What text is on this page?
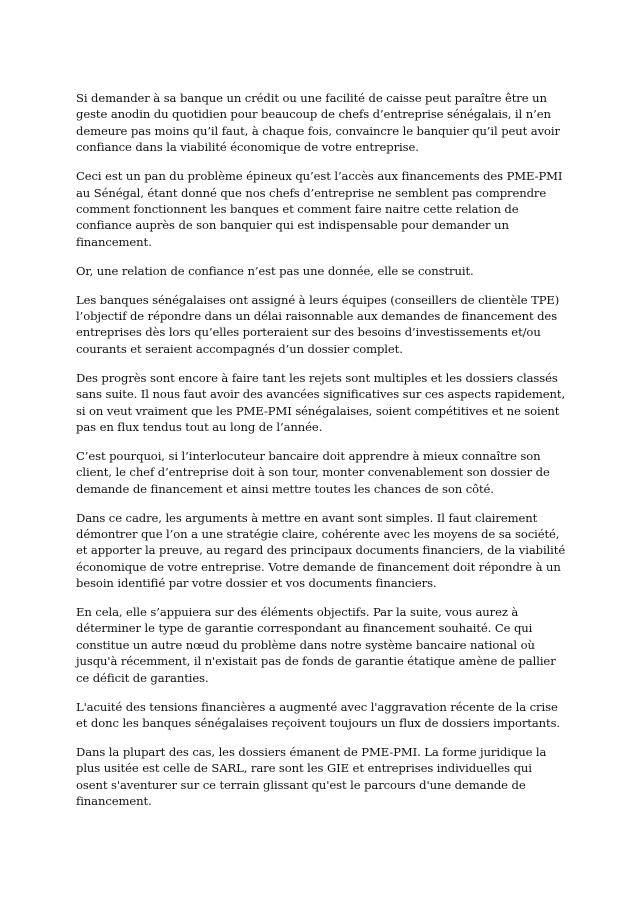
Si demander à sa banque un crédit ou une facilité de caisse peut paraître être un geste anodin du quotidien pour beaucoup de chefs d’entreprise sénégalais, il n’en demeure pas moins qu’il faut, à chaque fois, convaincre le banquier qu’il peut avoir confiance dans la viabilité économique de votre entreprise.

Ceci est un pan du problème épineux qu’est l’accès aux financements des PME-PMI au Sénégal, étant donné que nos chefs d’entreprise ne semblent pas comprendre comment fonctionnent les banques et comment faire naitre cette relation de confiance auprès de son banquier qui est indispensable pour demander un financement.

Or, une relation de confiance n’est pas une donnée, elle se construit.

Les banques sénégalaises ont assigné à leurs équipes (conseillers de clientèle TPE) l’objectif de répondre dans un délai raisonnable aux demandes de financement des entreprises dès lors qu’elles porteraient sur des besoins d’investissements et/ou courants et seraient accompagnés d’un dossier complet.

Des progrès sont encore à faire tant les rejets sont multiples et les dossiers classés sans suite. Il nous faut avoir des avancées significatives sur ces aspects rapidement, si on veut vraiment que les PME-PMI sénégalaises, soient compétitives et ne soient pas en flux tendus tout au long de l’année.

C’est pourquoi, si l’interlocuteur bancaire doit apprendre à mieux connaître son client, le chef d’entreprise doit à son tour, monter convenablement son dossier de demande de financement et ainsi mettre toutes les chances de son côté.

Dans ce cadre, les arguments à mettre en avant sont simples. Il faut clairement démontrer que l’on a une stratégie claire, cohérente avec les moyens de sa société, et apporter la preuve, au regard des principaux documents financiers, de la viabilité économique de votre entreprise. Votre demande de financement doit répondre à un besoin identifié par votre dossier et vos documents financiers.

En cela, elle s’appuiera sur des éléments objectifs. Par la suite, vous aurez à déterminer le type de garantie correspondant au financement souhaité. Ce qui constitue un autre nœud du problème dans notre système bancaire national où jusqu'à récemment, il n'existait pas de fonds de garantie étatique amène de pallier ce déficit de garanties.

L'acuité des tensions financières a augmenté avec l'aggravation récente de la crise et donc les banques sénégalaises reçoivent toujours un flux de dossiers importants.

Dans la plupart des cas, les dossiers émanent de PME-PMI. La forme juridique la plus usitée est celle de SARL, rare sont les GIE et entreprises individuelles qui osent s'aventurer sur ce terrain glissant qu'est le parcours d'une demande de financement.
